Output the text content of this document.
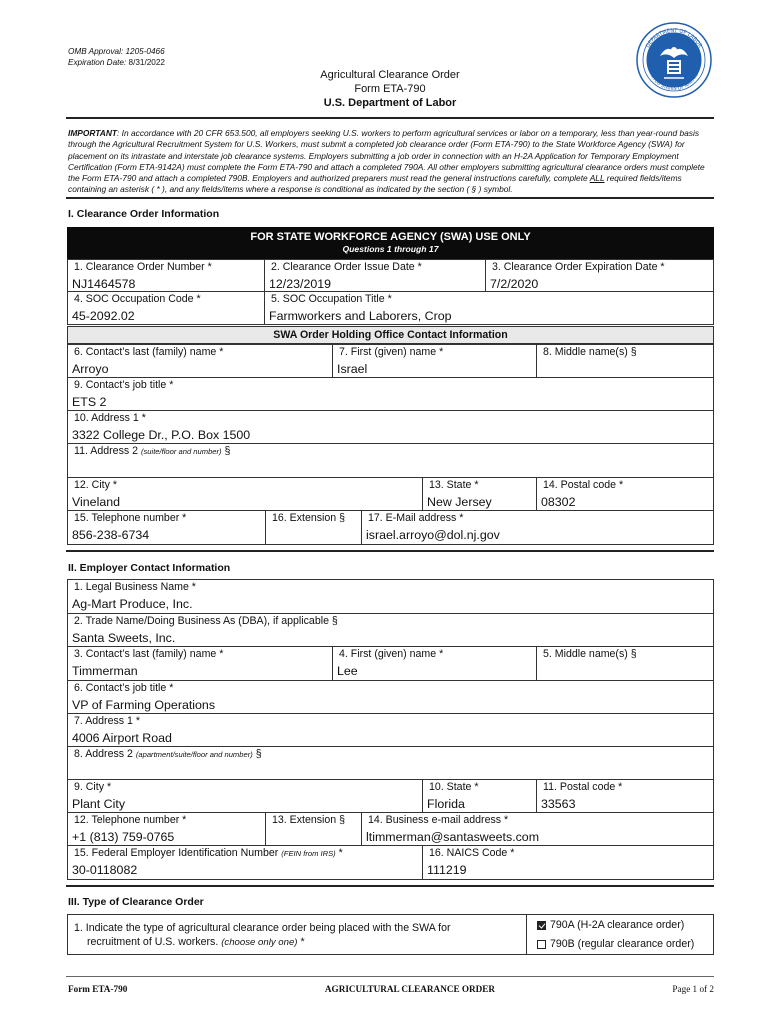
OMB Approval: 1205-0466
Expiration Date: 8/31/2022
Agricultural Clearance Order
Form ETA-790
U.S. Department of Labor
DEPARTMENT OF LABOR
UNITED STATES OF AMERICA
IMPORTANT: In accordance with 20 CFR 653.500, all employers seeking U.S. workers to perform agricultural services or labor on a temporary, less than year-round basis through the Agricultural Recruitment System for U.S. Workers, must submit a completed job clearance order (Form ETA-790) to the State Workforce Agency (SWA) for placement on its intrastate and interstate job clearance systems. Employers submitting a job order in connection with an H-2A Application for Temporary Employment Certification (Form ETA-9142A) must complete the Form ETA-790 and attach a completed 790A. All other employers submitting agricultural clearance orders must complete the Form ETA-790 and attach a completed 790B. Employers and authorized preparers must read the general instructions carefully, complete ALL required fields/items containing an asterisk ( * ), and any fields/items where a response is conditional as indicated by the section ( § ) symbol.
I. Clearance Order Information
FOR STATE WORKFORCE AGENCY (SWA) USE ONLY
Questions 1 through 17
1. Clearance Order Number *
NJ1464578
2. Clearance Order Issue Date *
12/23/2019
3. Clearance Order Expiration Date *
7/2/2020
4. SOC Occupation Code *
45-2092.02
5. SOC Occupation Title *
Farmworkers and Laborers, Crop
SWA Order Holding Office Contact Information
6. Contact’s last (family) name *
Arroyo
7. First (given) name *
Israel
8. Middle name(s) §
9. Contact’s job title *
ETS 2
10. Address 1 *
3322 College Dr., P.O. Box 1500
11. Address 2 (suite/floor and number) §
12. City *
Vineland
13. State *
New Jersey
14. Postal code *
08302
15. Telephone number *
856-238-6734
16. Extension § 17. E-Mail address *
israel.arroyo@dol.nj.gov
II. Employer Contact Information
1. Legal Business Name *
Ag-Mart Produce, Inc.
2. Trade Name/Doing Business As (DBA), if applicable §
Santa Sweets, Inc.
3. Contact’s last (family) name *
Timmerman
4. First (given) name *
Lee
5. Middle name(s) §
6. Contact’s job title *
VP of Farming Operations
7. Address 1 *
4006 Airport Road
8. Address 2 (apartment/suite/floor and number) §
9. City *
Plant City
10. State *
Florida
11. Postal code *
33563
12. Telephone number *
+1 (813) 759-0765
13. Extension § 14. Business e-mail address *
ltimmerman@santasweets.com
15. Federal Employer Identification Number (FEIN from IRS) *
30-0118082
16. NAICS Code *
111219
III. Type of Clearance Order
1. Indicate the type of agricultural clearance order being placed with the SWA for
recruitment of U.S. workers. (choose only one) *
790A (H-2A clearance order)
790B (regular clearance order)
Form ETA-790	AGRICULTURAL CLEARANCE ORDER	Page 1 of 2
